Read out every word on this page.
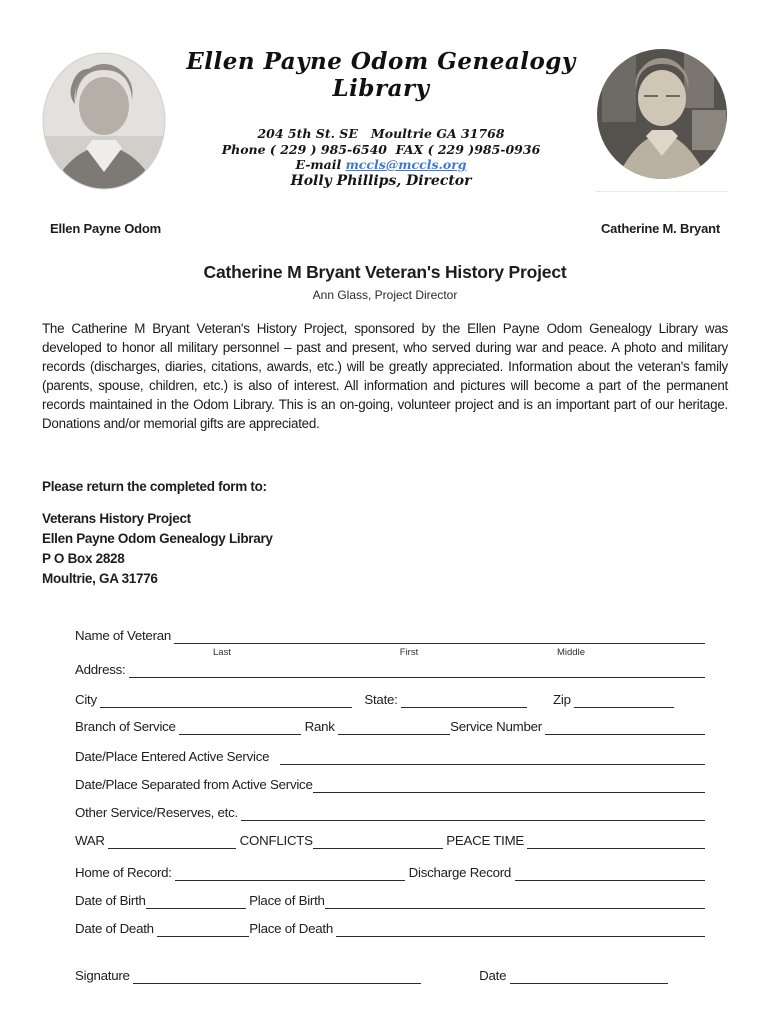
Ellen Payne Odom Genealogy Library
204 5th St. SE   Moultrie GA 31768
Phone ( 229 ) 985-6540  FAX ( 229 )985-0936
E-mail mccls@mccls.org
Holly Phillips, Director
Ellen Payne Odom	Catherine M. Bryant
Catherine M Bryant Veteran's History Project
Ann Glass, Project Director
The Catherine M Bryant Veteran's History Project, sponsored by the Ellen Payne Odom Genealogy Library was developed to honor all military personnel – past and present, who served during war and peace. A photo and military records (discharges, diaries, citations, awards, etc.) will be greatly appreciated. Information about the veteran's family (parents, spouse, children, etc.) is also of interest. All information and pictures will become a part of the permanent records maintained in the Odom Library. This is an on-going, volunteer project and is an important part of our heritage. Donations and/or memorial gifts are appreciated.
Please return the completed form to:
Veterans History Project
Ellen Payne Odom Genealogy Library
P O Box 2828
Moultrie, GA 31776
Name of Veteran
Last	First	Middle
Address:
City	State:	Zip
Branch of Service	Rank	Service Number
Date/Place Entered Active Service
Date/Place Separated from Active Service
Other Service/Reserves, etc.
WAR	CONFLICTS	PEACE TIME
Home of Record:	Discharge Record
Date of Birth	Place of Birth
Date of Death	Place of Death
Signature	Date
